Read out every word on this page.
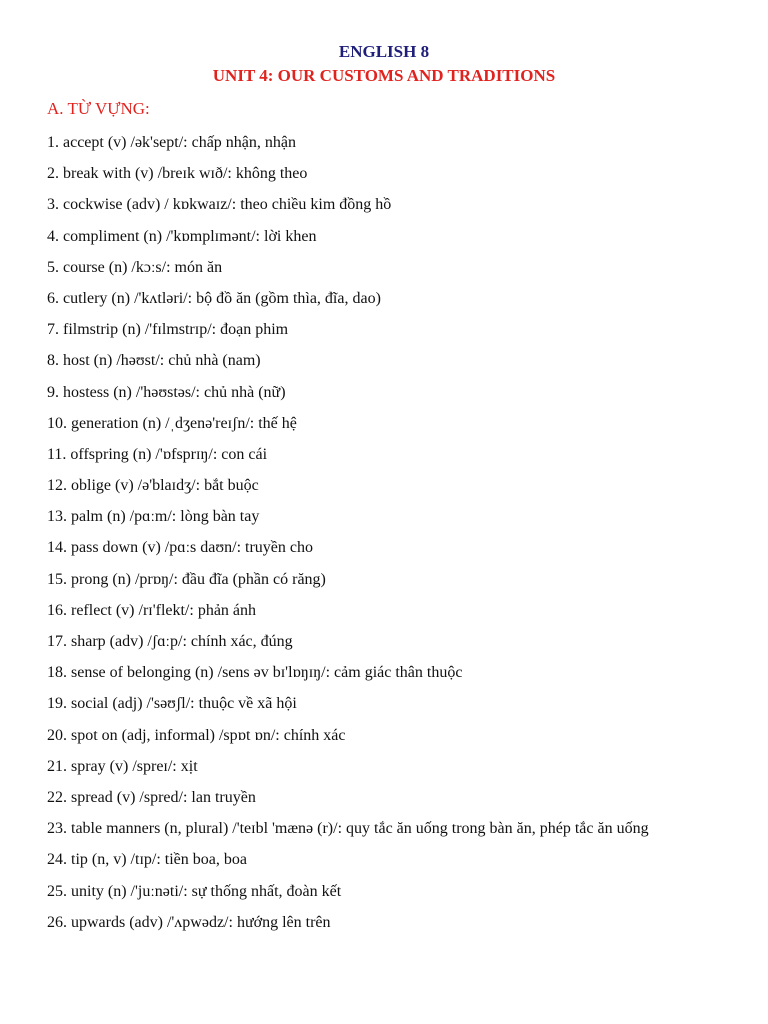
ENGLISH 8
UNIT 4: OUR CUSTOMS AND TRADITIONS
A. TỪ VỰNG:
1. accept (v) /ək'sept/: chấp nhận, nhận
2. break with (v) /breɪk wɪð/: không theo
3. cockwise (adv) / kɒkwaɪz/: theo chiều kim đồng hồ
4. compliment (n) /'kɒmplɪmənt/: lời khen
5. course (n) /kɔːs/: món ăn
6. cutlery (n) /'kʌtləri/: bộ đồ ăn (gồm thìa, đĩa, dao)
7. filmstrip (n) /'fɪlmstrɪp/: đoạn phim
8. host (n) /həʊst/: chủ nhà (nam)
9. hostess (n) /'həʊstəs/: chủ nhà (nữ)
10. generation (n) /ˌdʒenə'reɪʃn/: thế hệ
11. offspring (n) /'ɒfsprɪŋ/: con cái
12. oblige (v) /ə'blaɪdʒ/: bắt buộc
13. palm (n) /pɑːm/: lòng bàn tay
14. pass down (v) /pɑːs daʊn/: truyền cho
15. prong (n) /prɒŋ/: đầu đĩa (phần có răng)
16. reflect (v) /rɪ'flekt/: phản ánh
17. sharp (adv) /ʃɑːp/: chính xác, đúng
18. sense of belonging (n) /sens əv bɪ'lɒŋɪŋ/: cảm giác thân thuộc
19. social (adj) /'səʊʃl/: thuộc về xã hội
20. spot on (adj, informal) /spɒt ɒn/: chính xác
21. spray (v) /spreɪ/: xịt
22. spread (v) /spred/: lan truyền
23. table manners (n, plural) /'teɪbl 'mænə (r)/: quy tắc ăn uống trong bàn ăn, phép tắc ăn uống
24. tip (n, v) /tɪp/: tiền boa, boa
25. unity (n) /'juːnəti/: sự thống nhất, đoàn kết
26. upwards (adv) /'ʌpwədz/: hướng lên trên
